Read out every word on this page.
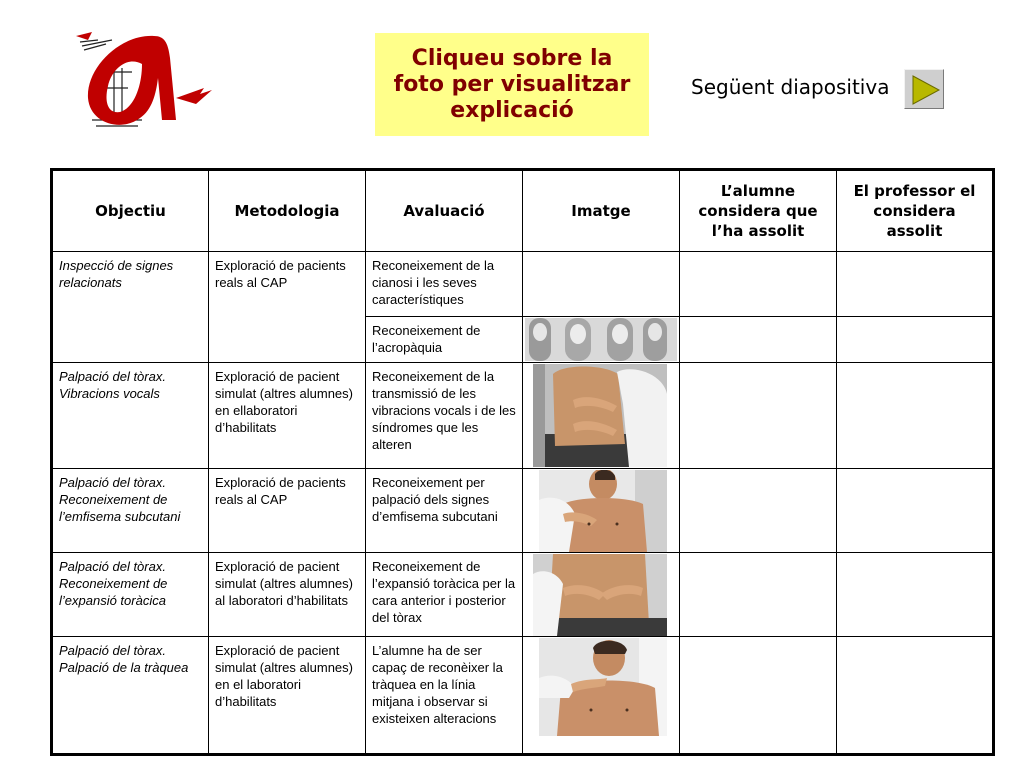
Cliqueu sobre la
foto per visualitzar
explicació
Següent diapositiva
Objectiu	Metodologia	Avaluació	Imatge	L’alumne considera que l’ha assolit	El professor el considera assolit
Inspecció de signes relacionats	Exploració de pacients reals al CAP	Reconeixement de la cianosi i les seves característiques			
		Reconeixement de l’acropàquia	

Palpació del tòrax. Vibracions vocals	Exploració de pacient simulat (altres alumnes) en ellaboratori d’habilitats	Reconeixement de la transmissió de les vibracions vocals i de les síndromes que les alteren	

Palpació del tòrax. Reconeixement de l’emfisema subcutani	Exploració de pacients reals al CAP	Reconeixement per palpació dels signes d’emfisema subcutani	

Palpació del tòrax. Reconeixement de l’expansió toràcica	Exploració de pacient simulat (altres alumnes) al laboratori d’habilitats	Reconeixement de l’expansió toràcica per la cara anterior i posterior del tòrax	

Palpació del tòrax. Palpació de la tràquea	Exploració de pacient simulat (altres alumnes) en el laboratori d’habilitats	L’alumne ha de ser capaç de reconèixer la tràquea en la línia mitjana i observar si existeixen alteracions	
